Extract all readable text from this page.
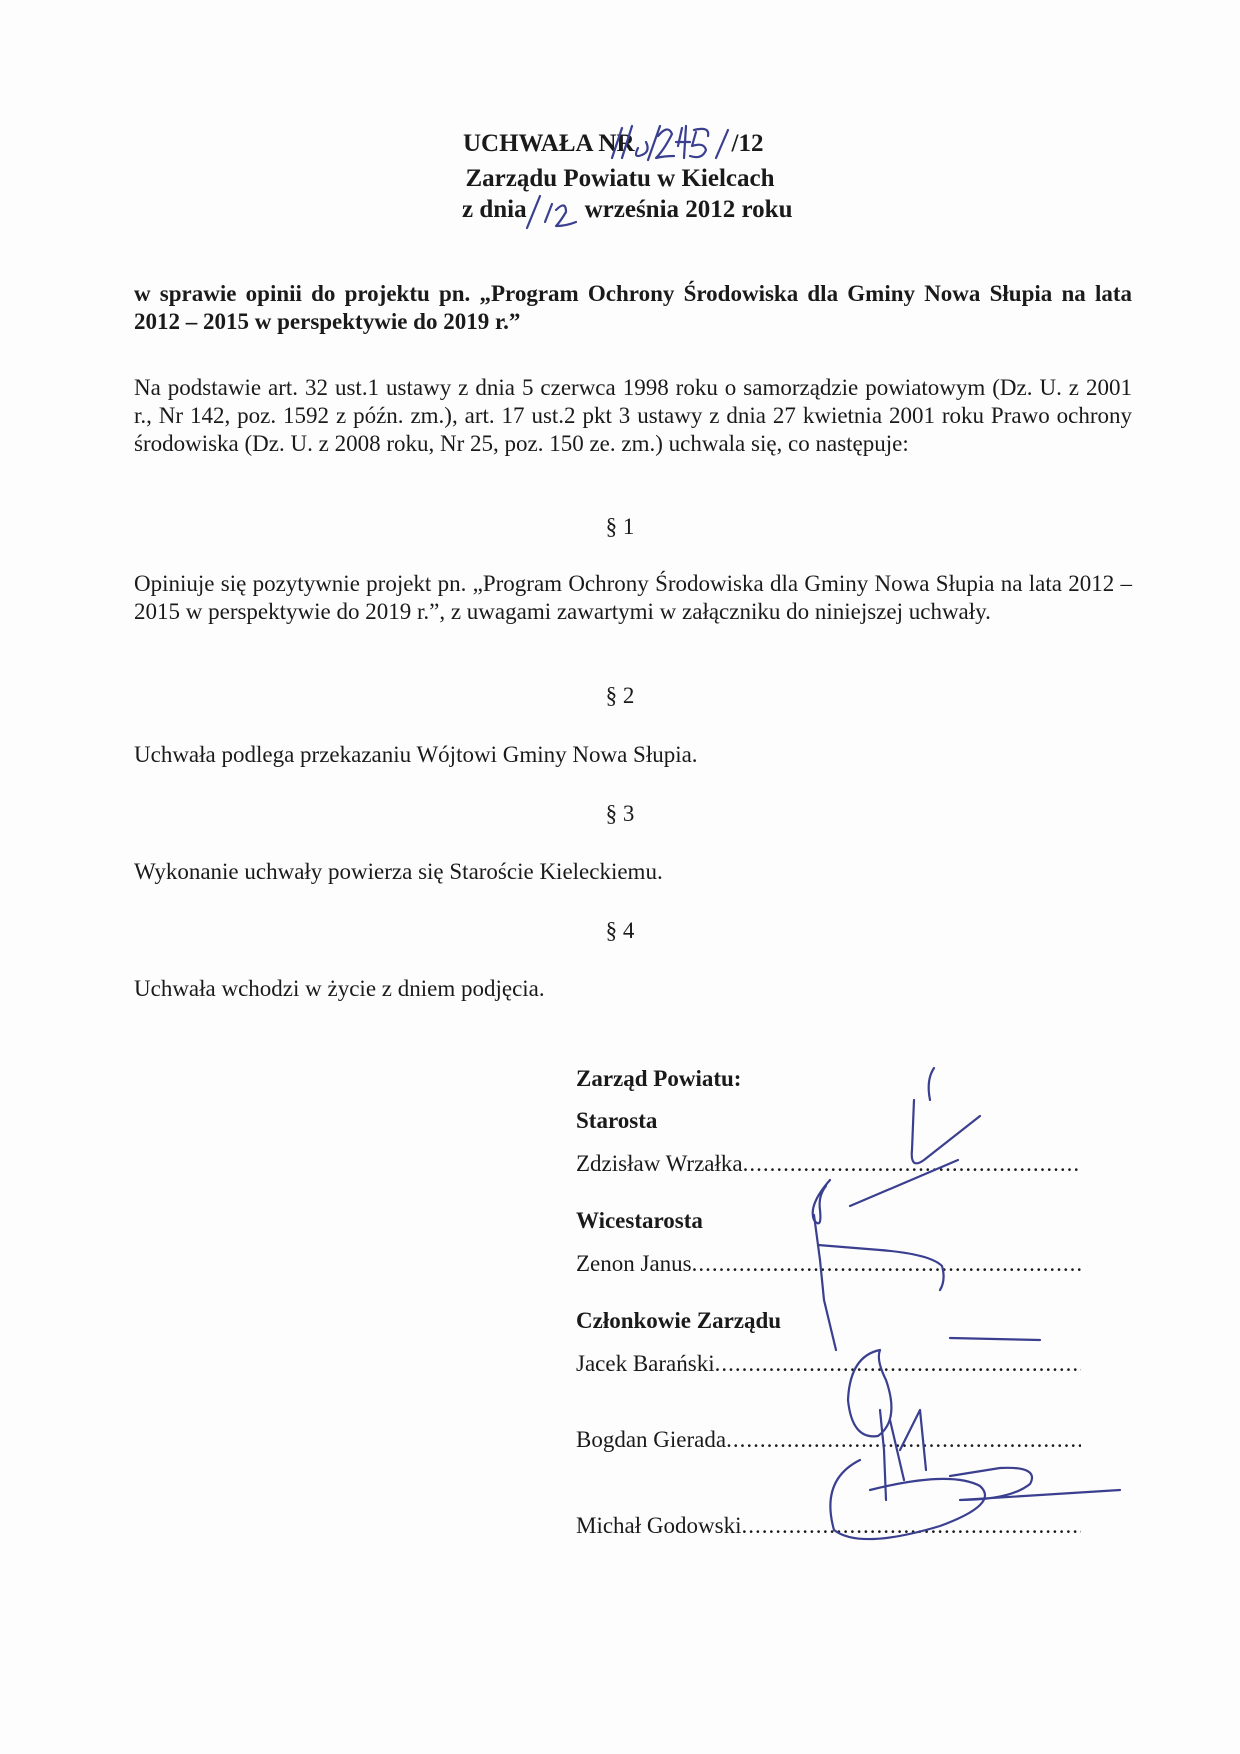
UCHWAŁA NR	/12
Zarządu Powiatu w Kielcach
z dnia września 2012 roku
w sprawie opinii do projektu pn. „Program Ochrony Środowiska dla Gminy Nowa Słupia na lata 2012 – 2015 w perspektywie do 2019 r.”
Na podstawie art. 32 ust.1 ustawy z dnia 5 czerwca 1998 roku o samorządzie powiatowym (Dz. U. z 2001 r., Nr 142, poz. 1592 z późn. zm.), art. 17 ust.2 pkt 3 ustawy z dnia 27 kwietnia 2001 roku Prawo ochrony środowiska (Dz. U. z 2008 roku, Nr 25, poz. 150 ze. zm.) uchwala się, co następuje:
§ 1
Opiniuje się pozytywnie projekt pn. „Program Ochrony Środowiska dla Gminy Nowa Słupia na lata 2012 – 2015 w perspektywie do 2019 r.”, z uwagami zawartymi w załączniku do niniejszej uchwały.
§ 2
Uchwała podlega przekazaniu Wójtowi Gminy Nowa Słupia.
§ 3
Wykonanie uchwały powierza się Staroście Kieleckiemu.
§ 4
Uchwała wchodzi w życie z dniem podjęcia.
Zarząd Powiatu:
Starosta
Zdzisław Wrzałka
.....
Wicestarosta
Zenon Janus
.....
Członkowie Zarządu
Jacek Barański
.....
Bogdan Gierada
.....
Michał Godowski
.....
